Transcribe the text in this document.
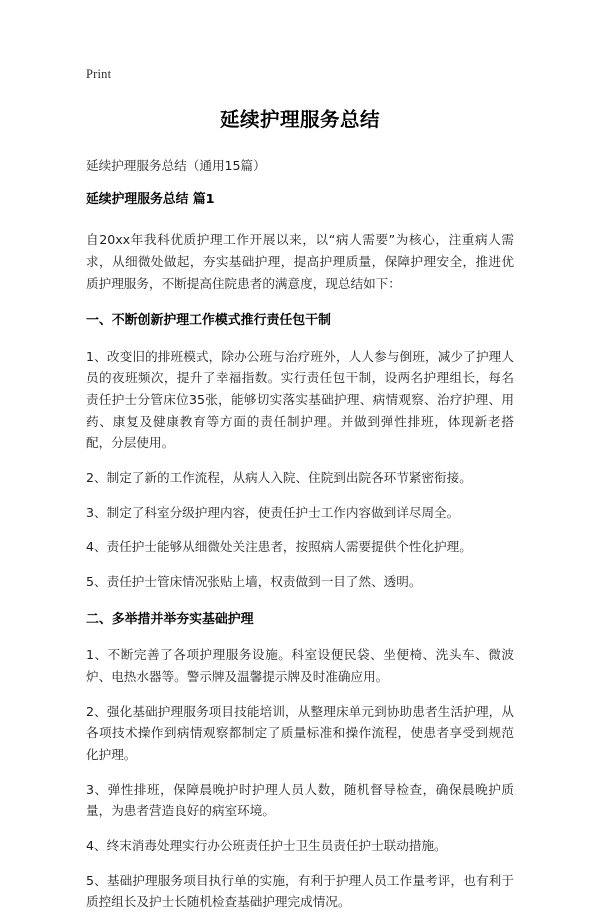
Print
延续护理服务总结

延续护理服务总结（通用15篇）

延续护理服务总结 篇1

自20xx年我科优质护理工作开展以来，以“病人需要”为核心，注重病人需求，从细微处做起，夯实基础护理，提高护理质量，保障护理安全，推进优质护理服务，不断提高住院患者的满意度，现总结如下：

一、不断创新护理工作模式推行责任包干制

1、改变旧的排班模式，除办公班与治疗班外，人人参与倒班，减少了护理人员的夜班频次，提升了幸福指数。实行责任包干制，设两名护理组长，每名责任护士分管床位35张，能够切实落实基础护理、病情观察、治疗护理、用药、康复及健康教育等方面的责任制护理。并做到弹性排班，体现新老搭配，分层使用。

2、制定了新的工作流程，从病人入院、住院到出院各环节紧密衔接。

3、制定了科室分级护理内容，使责任护士工作内容做到详尽周全。

4、责任护士能够从细微处关注患者，按照病人需要提供个性化护理。

5、责任护士管床情况张贴上墙，权责做到一目了然、透明。

二、多举措并举夯实基础护理

1、不断完善了各项护理服务设施。科室设便民袋、坐便椅、洗头车、微波炉、电热水器等。警示牌及温馨提示牌及时准确应用。

2、强化基础护理服务项目技能培训，从整理床单元到协助患者生活护理，从各项技术操作到病情观察都制定了质量标准和操作流程，使患者享受到规范化护理。

3、弹性排班，保障晨晚护时护理人员人数，随机督导检查，确保晨晚护质量，为患者营造良好的病室环境。

4、终末消毒处理实行办公班责任护士卫生员责任护士联动措施。

5、基础护理服务项目执行单的实施，有利于护理人员工作量考评，也有利于质控组长及护士长随机检查基础护理完成情况。
